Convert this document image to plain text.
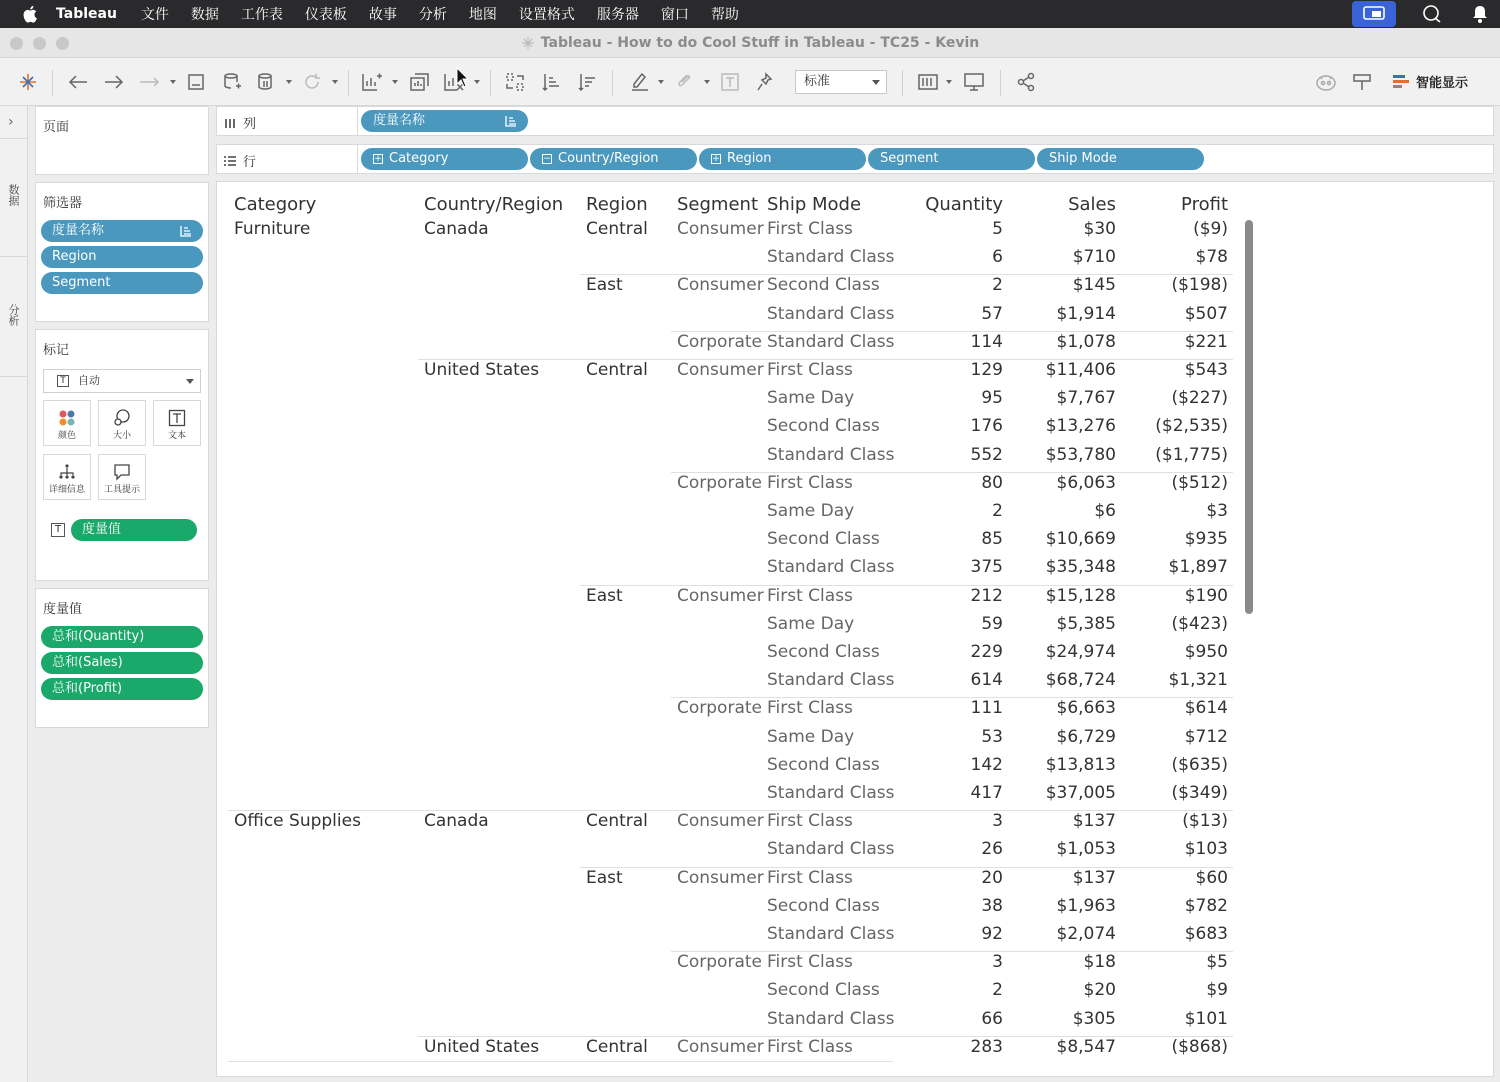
Tableau 文件 数据 工作表 仪表板 故事 分析 地图 设置格式 服务器 窗口 帮助
Tableau - How to do Cool Stuff in Tableau - TC25 - Kevin
标准	智能显示
›
数据
分析
页面
筛选器
度量名称
Region
Segment
标记
T 自动
颜色	大小	文本
详细信息	工具提示
T	度量值
度量值
总和(Quantity)
总和(Sales)
总和(Profit)
列	度量名称
行	+ Category	− Country/Region	+ Region	Segment	Ship Mode
Category	Country/Region Region Segment Ship Mode	Quantity	Sales	Profit
Furniture	Canada	Central Consumer First Class	5	$30	($9)
Standard Class	6	$710	$78
East	Consumer Second Class	2	$145	($198)
Standard Class	57	$1,914	$507
Corporate Standard Class	114	$1,078	$221
United States	Central Consumer First Class	129	$11,406	$543
Same Day	95	$7,767	($227)
Second Class	176	$13,276	($2,535)
Standard Class	552	$53,780	($1,775)
Corporate First Class	80	$6,063	($512)
Same Day	2	$6	$3
Second Class	85	$10,669	$935
Standard Class	375	$35,348	$1,897
East	Consumer First Class	212	$15,128	$190
Same Day	59	$5,385	($423)
Second Class	229	$24,974	$950
Standard Class	614	$68,724	$1,321
Corporate First Class	111	$6,663	$614
Same Day	53	$6,729	$712
Second Class	142	$13,813	($635)
Standard Class	417	$37,005	($349)
Office Supplies	Canada	Central Consumer First Class	3	$137	($13)
Standard Class	26	$1,053	$103
East	Consumer First Class	20	$137	$60
Second Class	38	$1,963	$782
Standard Class	92	$2,074	$683
Corporate First Class	3	$18	$5
Second Class	2	$20	$9
Standard Class	66	$305	$101
United States	Central Consumer First Class	283	$8,547	($868)
